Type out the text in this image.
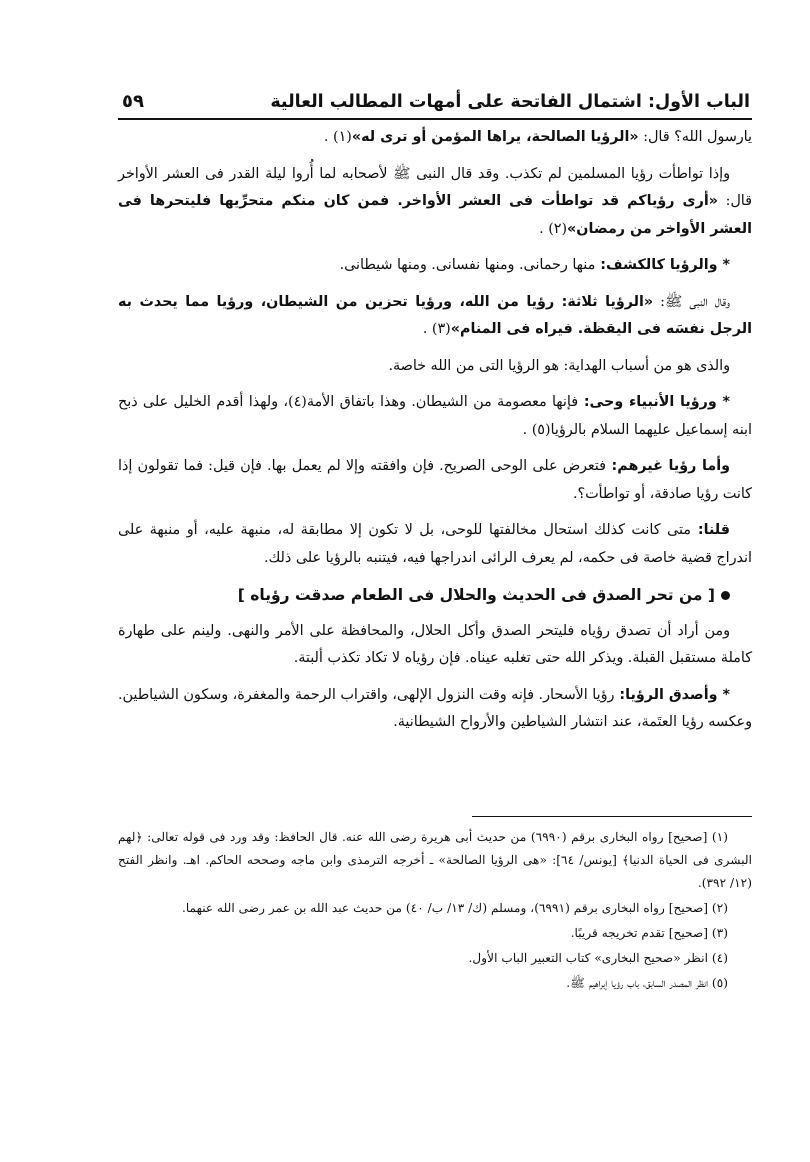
الباب الأول: اشتمال الفاتحة على أمهات المطالب العالية
٥٩

يارسول الله؟ قال: «الرؤيا الصالحة، يراها المؤمن أو ترى له»(١) .

وإذا تواطأت رؤيا المسلمين لم تكذب. وقد قال النبى ﷺ لأصحابه لما أُروا ليلة القدر فى العشر الأواخر قال: «أرى رؤياكم قد تواطأت فى العشر الأواخر. فمن كان منكم متحرِّيها فليتحرها فى العشر الأواخر من رمضان»(٢) .

* والرؤيا كالكشف: منها رحمانى. ومنها نفسانى. ومنها شيطانى.

وقال النبى ﷺ: «الرؤيا ثلاثة: رؤيا من الله، ورؤيا تحزين من الشيطان، ورؤيا مما يحدث به الرجل نفسَه فى اليقظة. فيراه فى المنام»(٣) .

والذى هو من أسباب الهداية: هو الرؤيا التى من الله خاصة.

* ورؤيا الأنبياء وحى: فإنها معصومة من الشيطان. وهذا باتفاق الأمة(٤)، ولهذا أقدم الخليل على ذبح ابنه إسماعيل عليهما السلام بالرؤيا(٥) .

وأما رؤيا غيرهم: فتعرض على الوحى الصريح. فإن وافقته وإلا لم يعمل بها. فإن قيل: فما تقولون إذا كانت رؤيا صادقة، أو تواطأت؟.

قلنا: متى كانت كذلك استحال مخالفتها للوحى، بل لا تكون إلا مطابقة له، منبهة عليه، أو منبهة على اندراج قضية خاصة فى حكمه، لم يعرف الرائى اندراجها فيه، فيتنبه بالرؤيا على ذلك.

[ من تحر الصدق فى الحديث والحلال فى الطعام صدقت رؤياه ]

ومن أراد أن تصدق رؤياه فليتحر الصدق وأكل الحلال، والمحافظة على الأمر والنهى. ولينم على طهارة كاملة مستقبل القبلة. ويذكر الله حتى تغلبه عيناه. فإن رؤياه لا تكاد تكذب ألبتة.

* وأصدق الرؤيا: رؤيا الأسحار. فإنه وقت النزول الإلهى، واقتراب الرحمة والمغفرة، وسكون الشياطين. وعكسه رؤيا العتَمة، عند انتشار الشياطين والأرواح الشيطانية.

(١) [صحيح] رواه البخارى برقم (٦٩٩٠) من حديث أبى هريرة رضى الله عنه. قال الحافظ: وقد ورد فى قوله تعالى: ﴿لهم البشرى فى الحياة الدنيا﴾ [يونس/ ٦٤]: «هى الرؤيا الصالحة» ـ أخرجه الترمذى وابن ماجه وصححه الحاكم. اهـ. وانظر الفتح (١٢/ ٣٩٢).

(٢) [صحيح] رواه البخارى برقم (٦٩٩١)، ومسلم (ك/ ١٣/ ب/ ٤٠) من حديث عبد الله بن عمر رضى الله عنهما.

(٣) [صحيح] تقدم تخريجه قريبًا.

(٤) انظر «صحيح البخارى» كتاب التعبير الباب الأول.

(٥) انظر المصدر السابق، باب رؤيا إبراهيم ﷺ.
